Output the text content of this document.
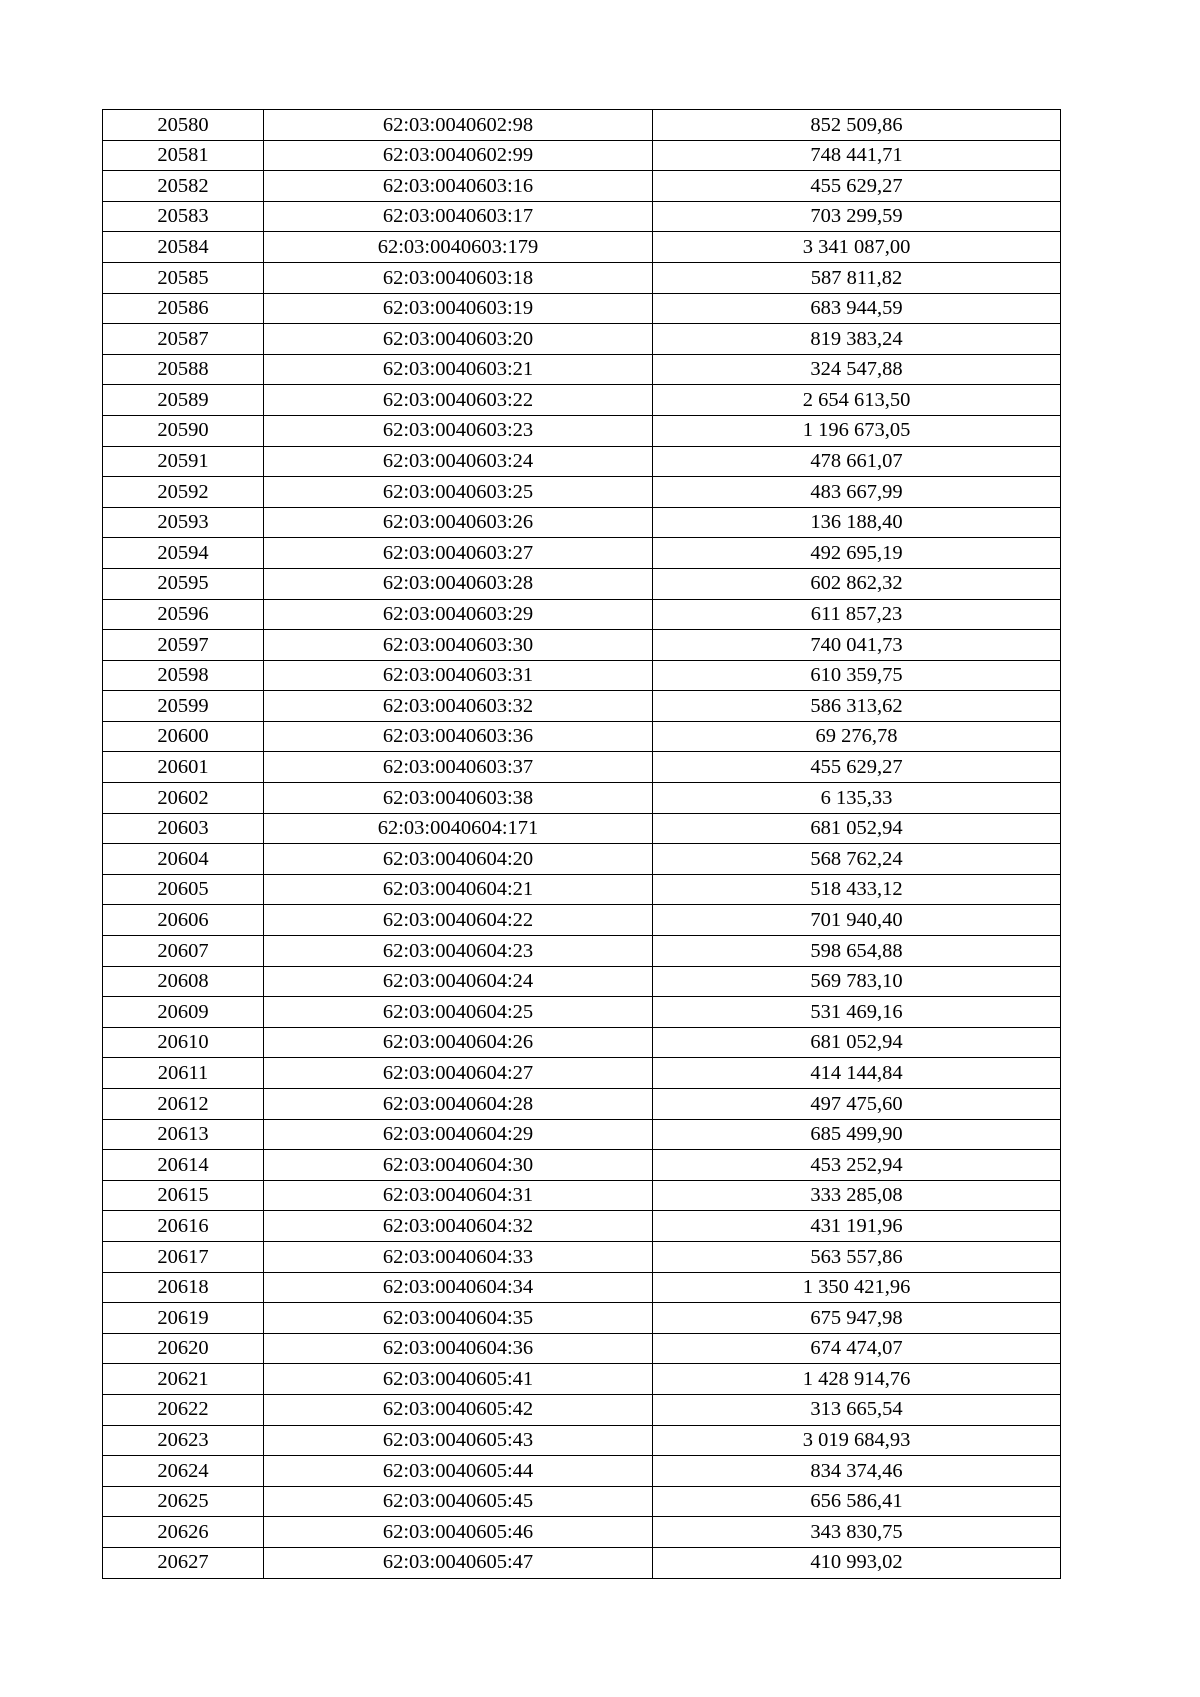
20580	62:03:0040602:98	852 509,86
20581	62:03:0040602:99	748 441,71
20582	62:03:0040603:16	455 629,27
20583	62:03:0040603:17	703 299,59
20584	62:03:0040603:179	3 341 087,00
20585	62:03:0040603:18	587 811,82
20586	62:03:0040603:19	683 944,59
20587	62:03:0040603:20	819 383,24
20588	62:03:0040603:21	324 547,88
20589	62:03:0040603:22	2 654 613,50
20590	62:03:0040603:23	1 196 673,05
20591	62:03:0040603:24	478 661,07
20592	62:03:0040603:25	483 667,99
20593	62:03:0040603:26	136 188,40
20594	62:03:0040603:27	492 695,19
20595	62:03:0040603:28	602 862,32
20596	62:03:0040603:29	611 857,23
20597	62:03:0040603:30	740 041,73
20598	62:03:0040603:31	610 359,75
20599	62:03:0040603:32	586 313,62
20600	62:03:0040603:36	69 276,78
20601	62:03:0040603:37	455 629,27
20602	62:03:0040603:38	6 135,33
20603	62:03:0040604:171	681 052,94
20604	62:03:0040604:20	568 762,24
20605	62:03:0040604:21	518 433,12
20606	62:03:0040604:22	701 940,40
20607	62:03:0040604:23	598 654,88
20608	62:03:0040604:24	569 783,10
20609	62:03:0040604:25	531 469,16
20610	62:03:0040604:26	681 052,94
20611	62:03:0040604:27	414 144,84
20612	62:03:0040604:28	497 475,60
20613	62:03:0040604:29	685 499,90
20614	62:03:0040604:30	453 252,94
20615	62:03:0040604:31	333 285,08
20616	62:03:0040604:32	431 191,96
20617	62:03:0040604:33	563 557,86
20618	62:03:0040604:34	1 350 421,96
20619	62:03:0040604:35	675 947,98
20620	62:03:0040604:36	674 474,07
20621	62:03:0040605:41	1 428 914,76
20622	62:03:0040605:42	313 665,54
20623	62:03:0040605:43	3 019 684,93
20624	62:03:0040605:44	834 374,46
20625	62:03:0040605:45	656 586,41
20626	62:03:0040605:46	343 830,75
20627	62:03:0040605:47	410 993,02
